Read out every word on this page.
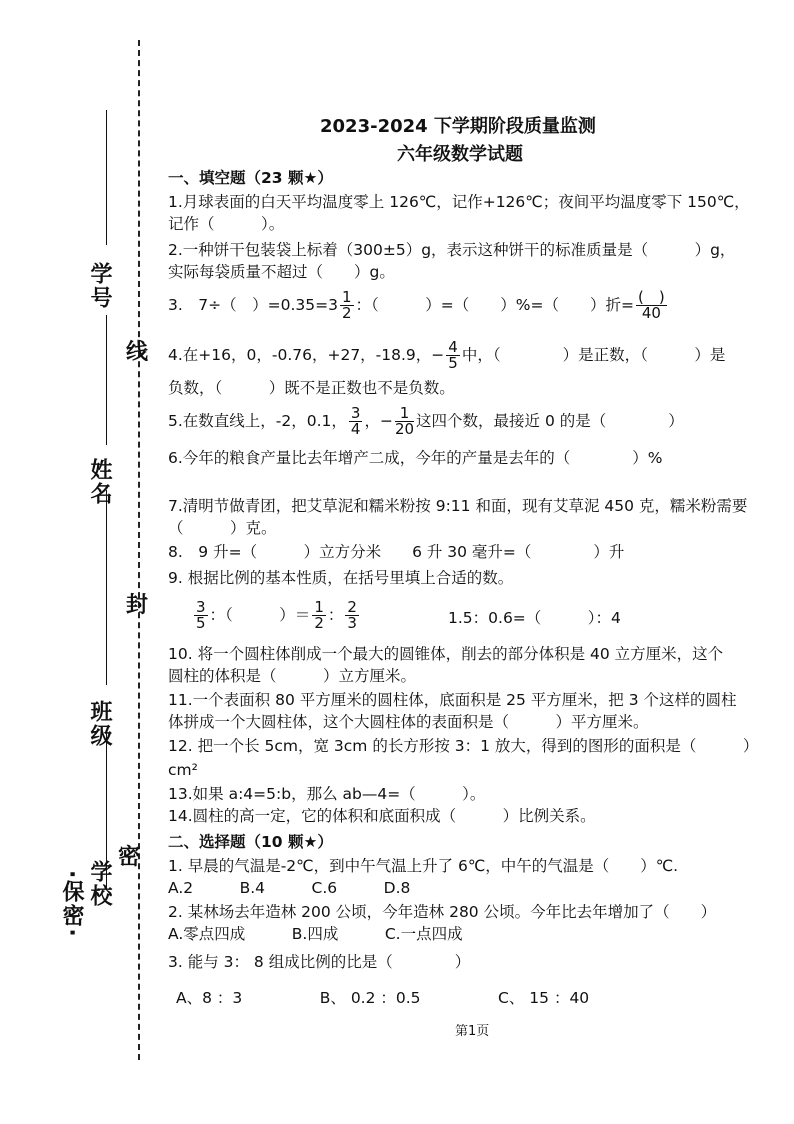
线
封
密
·保密· 学校
班级
姓名
学号
2023-2024 下学期阶段质量监测
六年级数学试题
一、填空题（23 颗★）
1.月球表面的白天平均温度零上 126℃，记作+126℃；夜间平均温度零下 150℃，
记作（　　　）。
2.一种饼干包装袋上标着（300±5）g，表示这种饼干的标准质量是（　　　）g，
实际每袋质量不超过（　　）g。
3.　7÷（　）$=0.35=3 \frac{1}{2}$ ：（　　　）=（　　）%=（　　）折= $\frac{( )}{40}$
4.在+16，0，-0.76，+27，-18.9，− $\frac{4}{5}$ 中，（　　　　）是正数，（　　　）是
负数，（　　　）既不是正数也不是负数。
5.在数直线上，-2，0.1， $\frac{3}{4}$ ，− $\frac{1}{20}$ 这四个数，最接近 0 的是（　　　　）
6.今年的粮食产量比去年增产二成，今年的产量是去年的（　　　　）%
7.清明节做青团，把艾草泥和糯米粉按 9:11 和面，现有艾草泥 450 克，糯米粉需要
（　　　）克。
8.　9 升=（　　　）立方分米　　6 升 30 毫升=（　　　　）升
9. 根据比例的基本性质，在括号里填上合适的数。
$\frac{3}{5}$ ：（　　　）＝ $\frac{1}{2}$ ： $\frac{2}{3}$	1.5：0.6=（　　　）：4
10. 将一个圆柱体削成一个最大的圆锥体，削去的部分体积是 40 立方厘米，这个
圆柱的体积是（　　　）立方厘米。
11.一个表面积 80 平方厘米的圆柱体，底面积是 25 平方厘米，把 3 个这样的圆柱
体拼成一个大圆柱体，这个大圆柱体的表面积是（　　　）平方厘米。
12. 把一个长 5cm，宽 3cm 的长方形按 3：1 放大，得到的图形的面积是（　　　）
cm²
13.如果 a:4=5:b，那么 ab—4=（　　　）。
14.圆柱的高一定，它的体积和底面积成（　　　）比例关系。
二、选择题（10 颗★）
1. 早晨的气温是-2℃，到中午气温上升了 6℃，中午的气温是（　　）℃.
A.2　　　B.4　　　C.6　　　D.8
2. 某林场去年造林 200 公顷，今年造林 280 公顷。今年比去年增加了（　　）
A.零点四成　　　B.四成　　　C.一点四成
3. 能与 3： 8 组成比例的比是（　　　　）
A、8 ：3　　　　　B、 0.2 ：0.5　　　　　C、 15 ：40
第1页
